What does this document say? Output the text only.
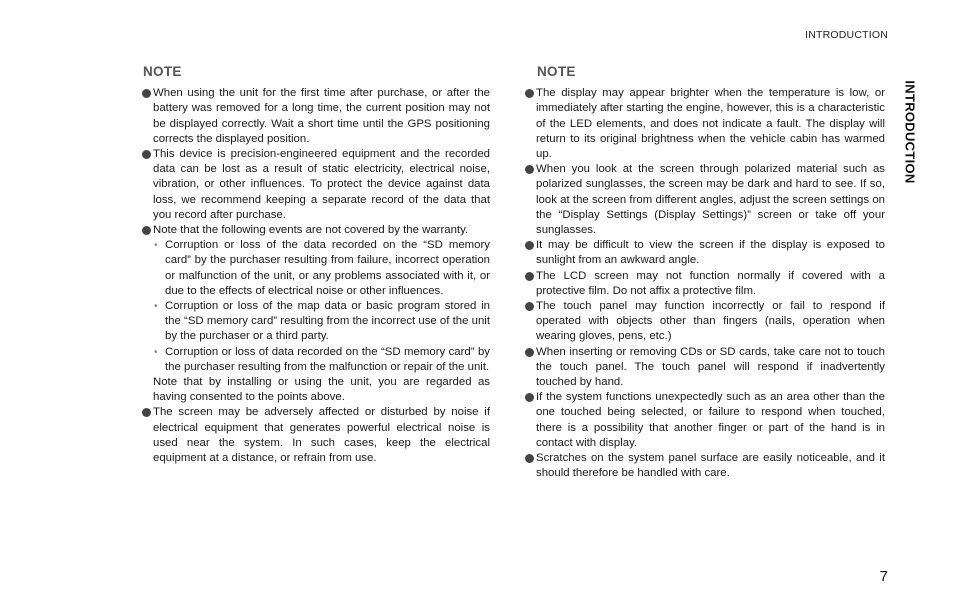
INTRODUCTION
INTRODUCTION
NOTE
When using the unit for the first time after purchase, or after the battery was removed for a long time, the current position may not be displayed correctly. Wait a short time until the GPS positioning corrects the displayed position.
This device is precision-engineered equipment and the recorded data can be lost as a result of static electricity, electrical noise, vibration, or other influences. To protect the device against data loss, we recommend keeping a separate record of the data that you record after purchase.
Note that the following events are not covered by the warranty.
• Corruption or loss of the data recorded on the “SD memory card” by the purchaser resulting from failure, incorrect operation or malfunction of the unit, or any problems associated with it, or due to the effects of electrical noise or other influences.
• Corruption or loss of the map data or basic program stored in the “SD memory card” resulting from the incorrect use of the unit by the purchaser or a third party.
• Corruption or loss of data recorded on the “SD memory card” by the purchaser resulting from the malfunction or repair of the unit.
Note that by installing or using the unit, you are regarded as having consented to the points above.
The screen may be adversely affected or disturbed by noise if electrical equipment that generates powerful electrical noise is used near the system. In such cases, keep the electrical equipment at a distance, or refrain from use.
NOTE
The display may appear brighter when the temperature is low, or immediately after starting the engine, however, this is a characteristic of the LED elements, and does not indicate a fault. The display will return to its original brightness when the vehicle cabin has warmed up.
When you look at the screen through polarized material such as polarized sunglasses, the screen may be dark and hard to see. If so, look at the screen from different angles, adjust the screen settings on the “Display Settings (Display Settings)” screen or take off your sunglasses.
It may be difficult to view the screen if the display is exposed to sunlight from an awkward angle.
The LCD screen may not function normally if covered with a protective film. Do not affix a protective film.
The touch panel may function incorrectly or fail to respond if operated with objects other than fingers (nails, operation when wearing gloves, pens, etc.)
When inserting or removing CDs or SD cards, take care not to touch the touch panel. The touch panel will respond if inadvertently touched by hand.
If the system functions unexpectedly such as an area other than the one touched being selected, or failure to respond when touched, there is a possibility that another finger or part of the hand is in contact with display.
Scratches on the system panel surface are easily noticeable, and it should therefore be handled with care.
7
